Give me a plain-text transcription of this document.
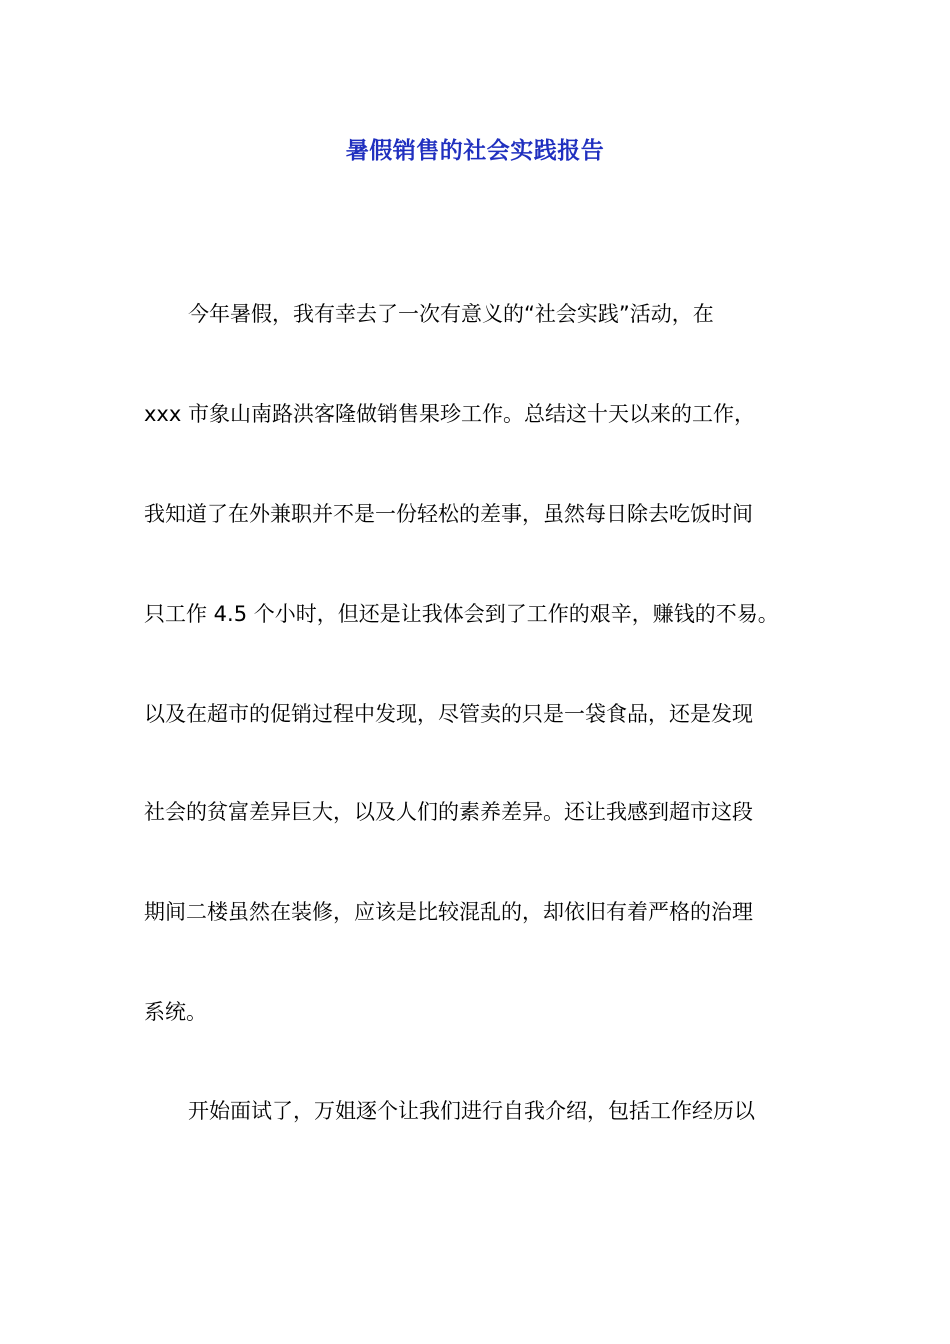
暑假销售的社会实践报告
今年暑假，我有幸去了一次有意义的“社会实践”活动，在
xxx 市象山南路洪客隆做销售果珍工作。总结这十天以来的工作，
我知道了在外兼职并不是一份轻松的差事，虽然每日除去吃饭时间
只工作 4.5 个小时，但还是让我体会到了工作的艰辛，赚钱的不易。
以及在超市的促销过程中发现，尽管卖的只是一袋食品，还是发现
社会的贫富差异巨大，以及人们的素养差异。还让我感到超市这段
期间二楼虽然在装修，应该是比较混乱的，却依旧有着严格的治理
系统。
开始面试了，万姐逐个让我们进行自我介绍，包括工作经历以
